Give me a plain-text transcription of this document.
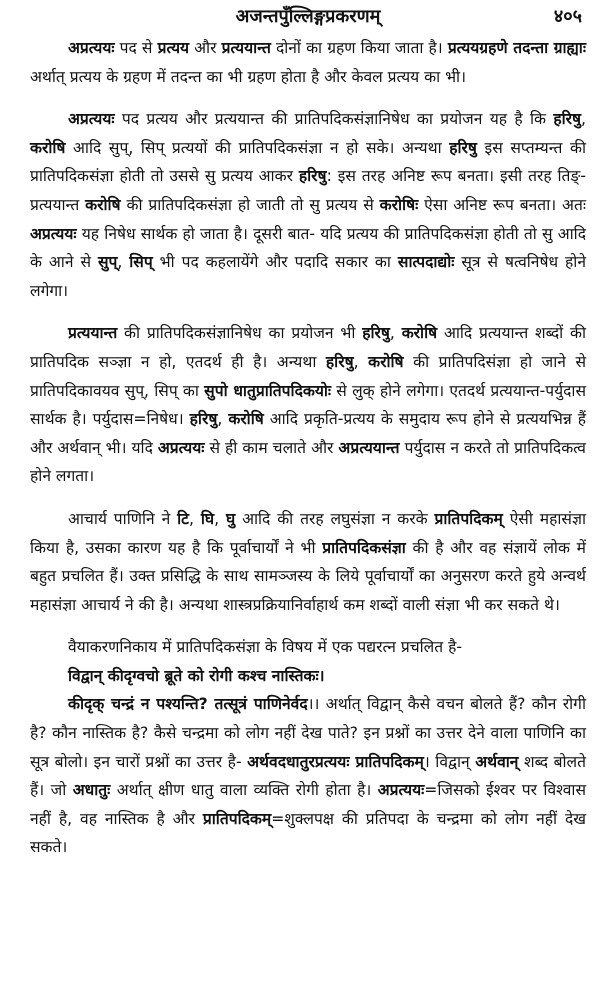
अजन्तपुँल्लिङ्गप्रकरणम्	४०५

अप्रत्ययः पद से प्रत्यय और प्रत्ययान्त दोनों का ग्रहण किया जाता है। प्रत्ययग्रहणे तदन्ता ग्राह्याः अर्थात् प्रत्यय के ग्रहण में तदन्त का भी ग्रहण होता है और केवल प्रत्यय का भी।

अप्रत्ययः पद प्रत्यय और प्रत्ययान्त की प्रातिपदिकसंज्ञानिषेध का प्रयोजन यह है कि हरिषु, करोषि आदि सुप्, सिप् प्रत्ययों की प्रातिपदिकसंज्ञा न हो सके। अन्यथा हरिषु इस सप्तम्यन्त की प्रातिपदिकसंज्ञा होती तो उससे सु प्रत्यय आकर हरिषु: इस तरह अनिष्ट रूप बनता। इसी तरह तिङ्-प्रत्ययान्त करोषि की प्रातिपदिकसंज्ञा हो जाती तो सु प्रत्यय से करोषिः ऐसा अनिष्ट रूप बनता। अतः अप्रत्ययः यह निषेध सार्थक हो जाता है। दूसरी बात- यदि प्रत्यय की प्रातिपदिकसंज्ञा होती तो सु आदि के आने से सुप्, सिप् भी पद कहलायेंगे और पदादि सकार का सात्पदाद्योः सूत्र से षत्वनिषेध होने लगेगा।

प्रत्ययान्त की प्रातिपदिकसंज्ञानिषेध का प्रयोजन भी हरिषु, करोषि आदि प्रत्ययान्त शब्दों की प्रातिपदिक सञ्ज्ञा न हो, एतदर्थ ही है। अन्यथा हरिषु, करोषि की प्रातिपदिसंज्ञा हो जाने से प्रातिपदिकावयव सुप्, सिप् का सुपो धातुप्रातिपदिकयोः से लुक् होने लगेगा। एतदर्थ प्रत्ययान्त-पर्युदास सार्थक है। पर्युदास=निषेध। हरिषु, करोषि आदि प्रकृति-प्रत्यय के समुदाय रूप होने से प्रत्ययभिन्न हैं और अर्थवान् भी। यदि अप्रत्ययः से ही काम चलाते और अप्रत्ययान्त पर्युदास न करते तो प्रातिपदिकत्व होने लगता।

आचार्य पाणिनि ने टि, घि, घु आदि की तरह लघुसंज्ञा न करके प्रातिपदिकम् ऐसी महासंज्ञा किया है, उसका कारण यह है कि पूर्वाचार्यों ने भी प्रातिपदिकसंज्ञा की है और वह संज्ञायें लोक में बहुत प्रचलित हैं। उक्त प्रसिद्धि के साथ सामञ्जस्य के लिये पूर्वाचार्यों का अनुसरण करते हुये अन्वर्थ महासंज्ञा आचार्य ने की है। अन्यथा शास्त्रप्रक्रियानिर्वाहार्थ कम शब्दों वाली संज्ञा भी कर सकते थे।

वैयाकरणनिकाय में प्रातिपदिकसंज्ञा के विषय में एक पद्यरत्न प्रचलित है-

विद्वान् कीदृग्वचो ब्रूते को रोगी कश्च नास्तिकः।

कीदृक् चन्द्रं न पश्यन्ति? तत्सूत्रं पाणिनेर्वद।। अर्थात् विद्वान् कैसे वचन बोलते हैं? कौन रोगी है? कौन नास्तिक है? कैसे चन्द्रमा को लोग नहीं देख पाते? इन प्रश्नों का उत्तर देने वाला पाणिनि का सूत्र बोलो। इन चारों प्रश्नों का उत्तर है- अर्थवदधातुरप्रत्ययः प्रातिपदिकम्। विद्वान् अर्थवान् शब्द बोलते हैं। जो अधातुः अर्थात् क्षीण धातु वाला व्यक्ति रोगी होता है। अप्रत्ययः=जिसको ईश्वर पर विश्वास नहीं है, वह नास्तिक है और प्रातिपदिकम्=शुक्लपक्ष की प्रतिपदा के चन्द्रमा को लोग नहीं देख सकते।
